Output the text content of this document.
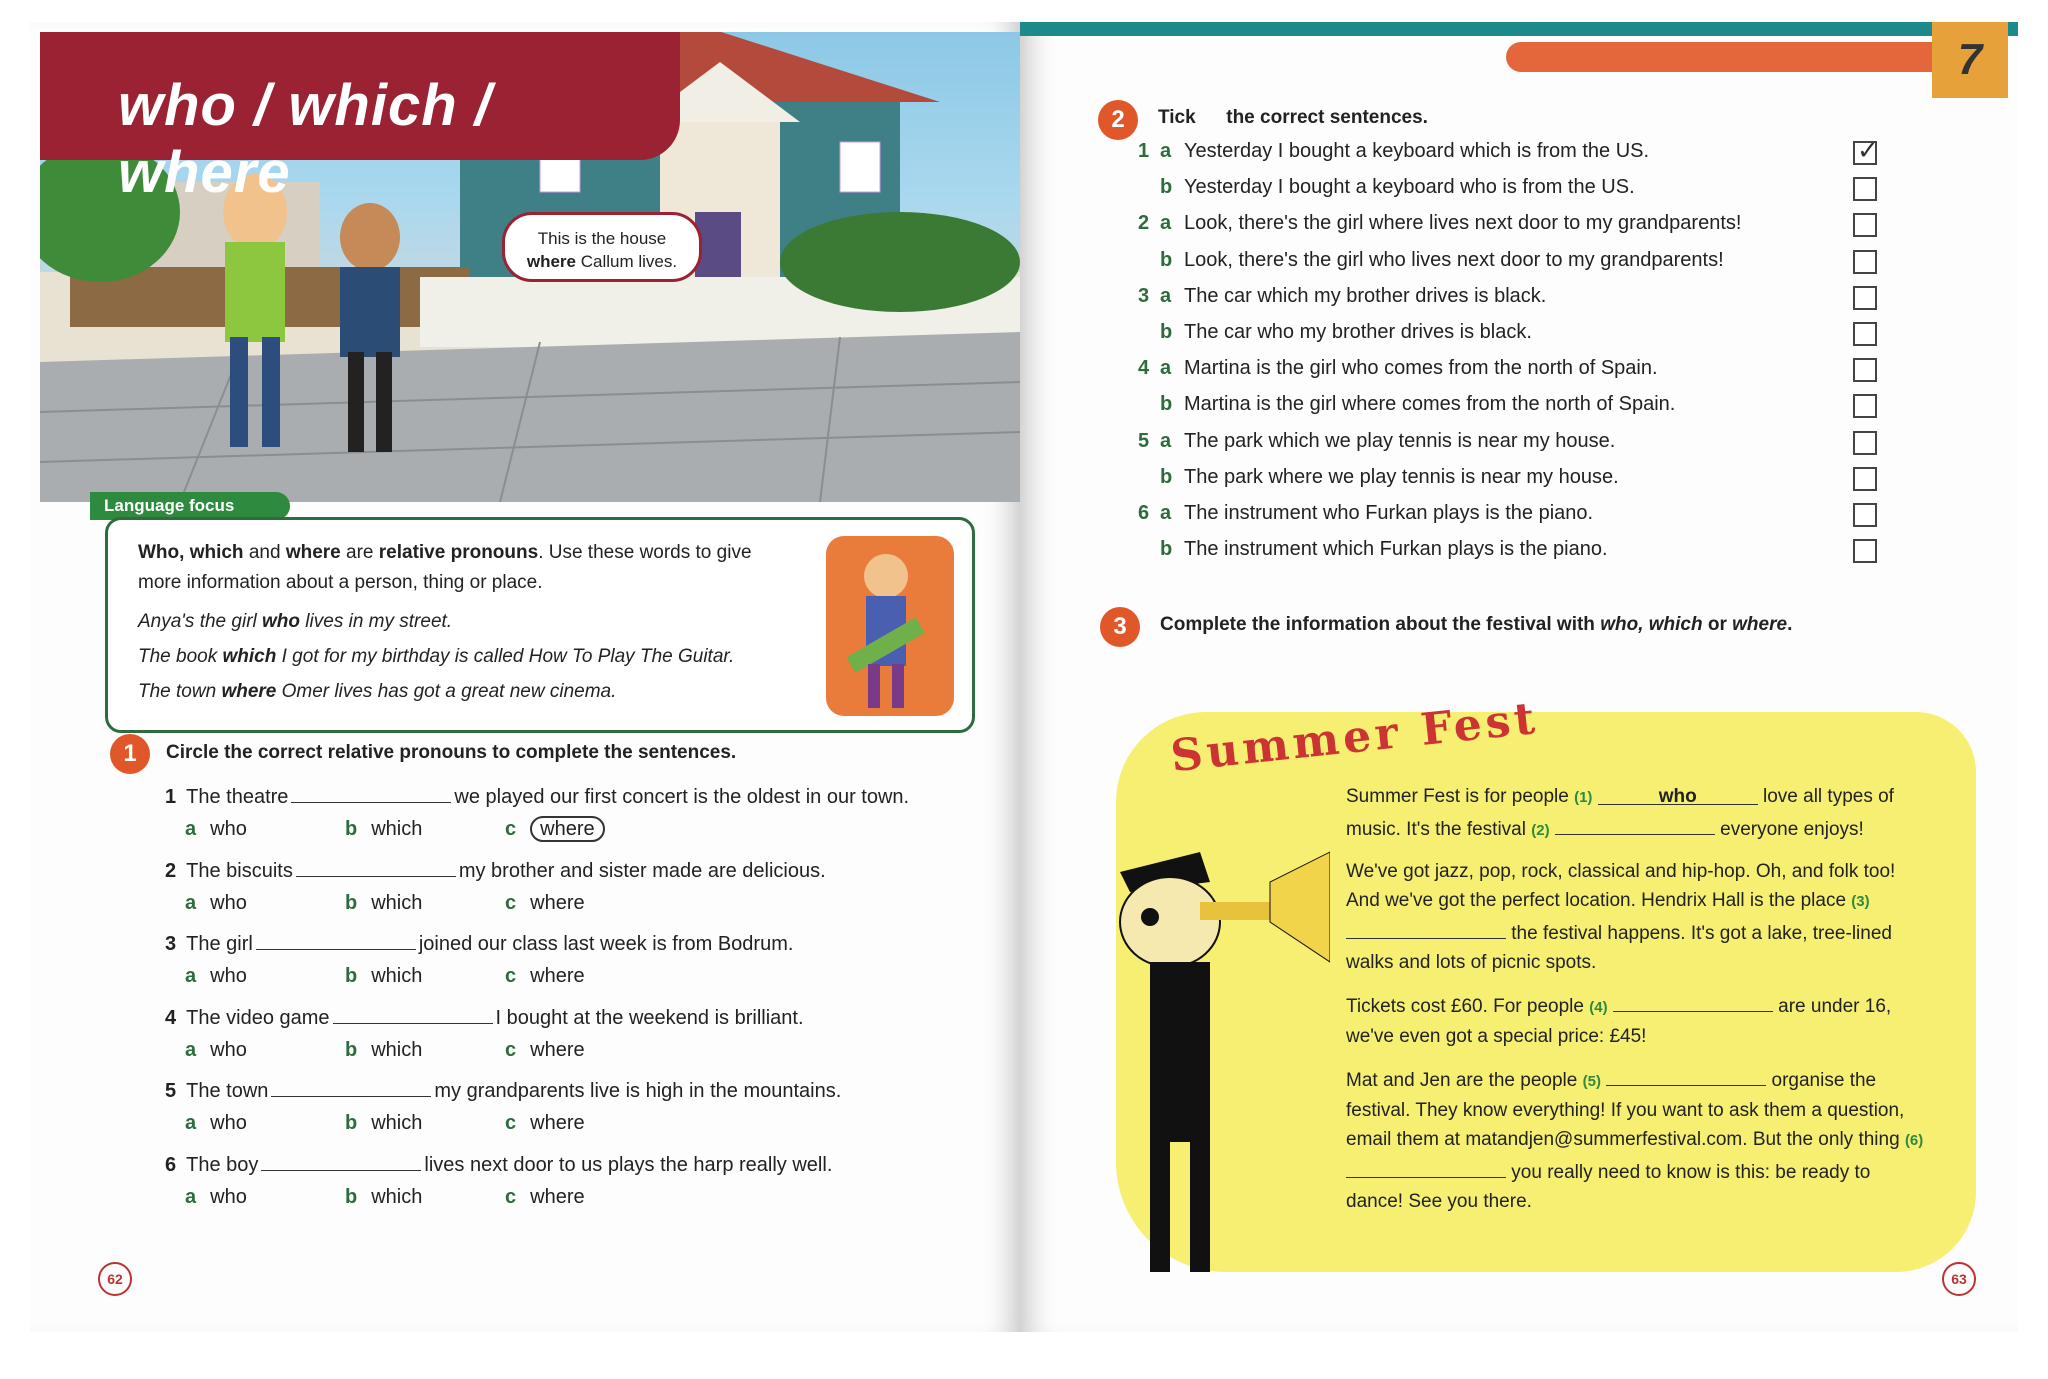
who / which / where
This is the house
where Callum lives.
Language focus

Who, which and where are relative pronouns. Use these words to give more information about a person, thing or place.

Anya's the girl who lives in my street.

The book which I got for my birthday is called How To Play The Guitar.

The town where Omer lives has got a great new cinema.

1	Circle the correct relative pronouns to complete the sentences.
62
1 The theatre	we played our first concert is the oldest in our town.
a who	b which	c where
2 The biscuits	my brother and sister made are delicious.
a who	b which	c where
3 The girl	joined our class last week is from Bodrum.
a who	b which	c where
4 The video game	I bought at the weekend is brilliant.
a who	b which	c where
5 The town	my grandparents live is high in the mountains.
a who	b which	c where
6 The boy	lives next door to us plays the harp really well.
a who	b which	c where
7
2	Tick the correct sentences.
3	Complete the information about the festival with who, which or where.
Summer Fest

Summer Fest is for people (1)	who	love all types of music. It's the festival (2)	everyone enjoys!

We've got jazz, pop, rock, classical and hip-hop. Oh, and folk too! And we've got the perfect location. Hendrix Hall is the place (3)  the festival happens. It's got a lake, tree-lined walks and lots of picnic spots.

Tickets cost £60. For people (4)	are under 16, we've even got a special price: £45!

Mat and Jen are the people (5)	organise the festival. They know everything! If you want to ask them a question, email them at matandjen@summerfestival.com. But the only thing (6)  you really need to know is this: be ready to dance! See you there.

63
1 a Yesterday I bought a keyboard which is from the US.	✓
b Yesterday I bought a keyboard who is from the US.
2 a Look, there's the girl where lives next door to my grandparents!
b Look, there's the girl who lives next door to my grandparents!
3 a The car which my brother drives is black.
b The car who my brother drives is black.
4 a Martina is the girl who comes from the north of Spain.
b Martina is the girl where comes from the north of Spain.
5 a The park which we play tennis is near my house.
b The park where we play tennis is near my house.
6 a The instrument who Furkan plays is the piano.
b The instrument which Furkan plays is the piano.
